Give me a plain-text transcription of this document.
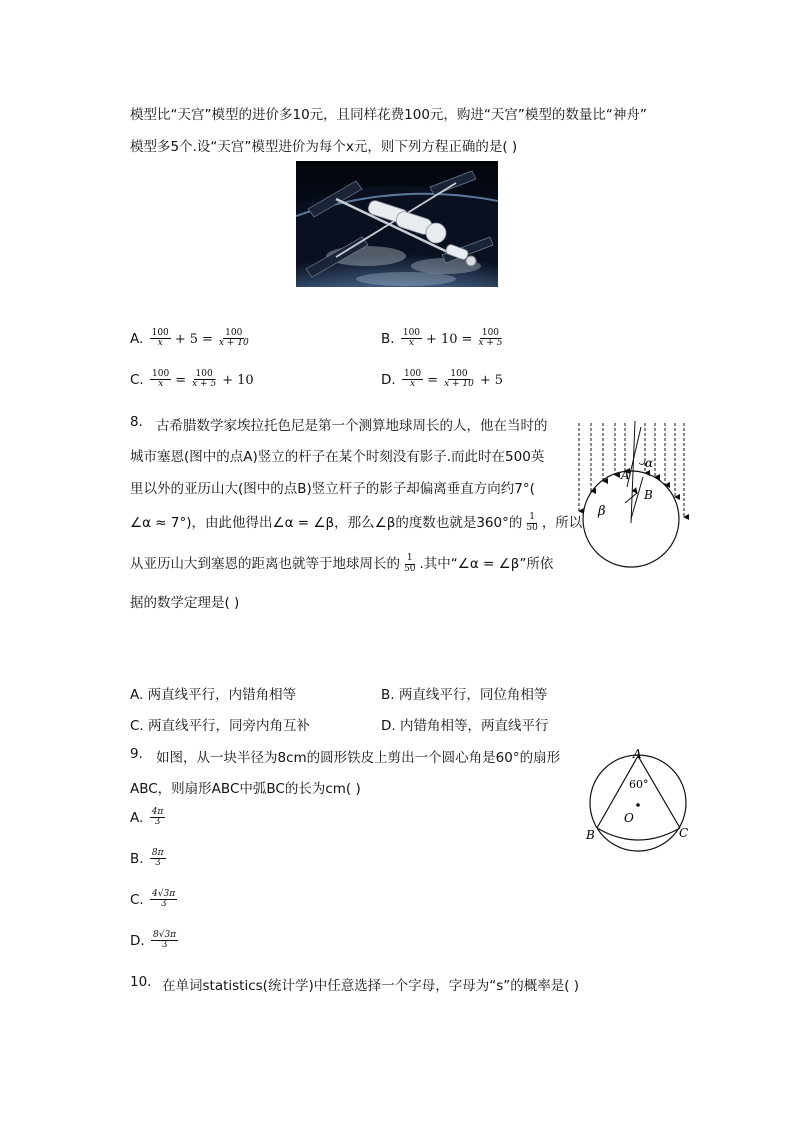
模型比“天宫”模型的进价多10元，且同样花费100元，购进“天宫”模型的数量比“神舟”
模型多5个.设“天宫”模型进价为每个x元，则下列方程正确的是( )
A. $\frac{100}{x} + 5 = \frac{100}{x + 10}$	B. $\frac{100}{x} + 10 = \frac{100}{x + 5}$
C. $\frac{100}{x} = \frac{100}{x + 5} + 10$	D. $\frac{100}{x} = \frac{100}{x + 10} + 5$
8. 古希腊数学家埃拉托色尼是第一个测算地球周长的人，他在当时的
城市塞恩(图中的点A)竖立的杆子在某个时刻没有影子.而此时在500英
里以外的亚历山大(图中的点B)竖立杆子的影子却偏离垂直方向约7°(
∠α ≈ 7°)，由此他得出∠α = ∠β，那么∠β的度数也就是360°的 $\frac{1}{50}$ ，所以
从亚历山大到塞恩的距离也就等于地球周长的 $\frac{1}{50}$ .其中“∠α = ∠β”所依
据的数学定理是( )
A
B
α
β
A. 两直线平行，内错角相等	B. 两直线平行，同位角相等
C. 两直线平行，同旁内角互补	D. 内错角相等，两直线平行
9. 如图，从一块半径为8cm的圆形铁皮上剪出一个圆心角是60°的扇形
ABC，则扇形ABC中弧BC的长为cm( )
A
B	C
O
60°
A. $\frac{4\pi}{3}$
B. $\frac{8\pi}{3}$
C. $\frac{4√3\pi}{3}$
D. $\frac{8√3\pi}{3}$
10. 在单词statistics(统计学)中任意选择一个字母，字母为“s”的概率是( )
